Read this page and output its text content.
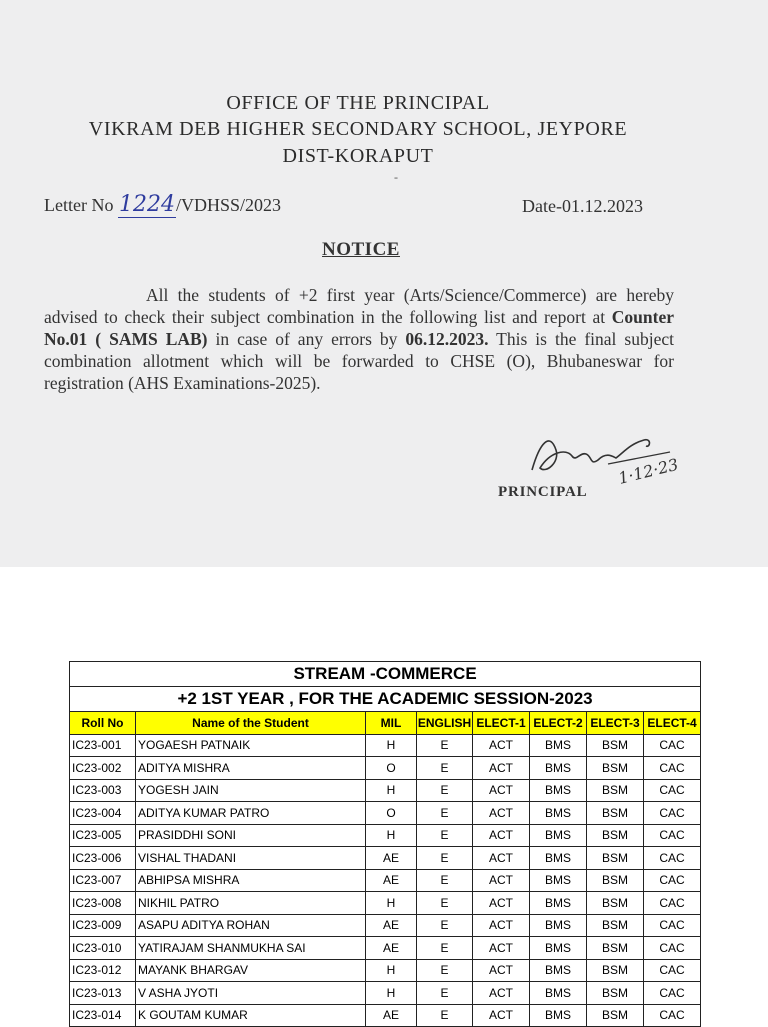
OFFICE OF THE PRINCIPAL
VIKRAM DEB HIGHER SECONDARY SCHOOL, JEYPORE
DIST-KORAPUT
-
Letter No 1224/VDHSS/2023	Date-01.12.2023
NOTICE
All the students of +2 first year (Arts/Science/Commerce) are hereby advised to check their subject combination in the following list and report at Counter No.01 ( SAMS LAB) in case of any errors by 06.12.2023. This is the final subject combination allotment which will be forwarded to CHSE (O), Bhubaneswar for registration (AHS Examinations-2025).
1·12·23
PRINCIPAL
STREAM -COMMERCE							
+2 1ST YEAR , FOR THE ACADEMIC SESSION-2023							
Roll No	Name of the Student	MIL	ENGLISH	ELECT-1	ELECT-2	ELECT-3	ELECT-4
IC23-001	YOGAESH PATNAIK	H	E	ACT	BMS	BSM	CAC
IC23-002	ADITYA MISHRA	O	E	ACT	BMS	BSM	CAC
IC23-003	YOGESH JAIN	H	E	ACT	BMS	BSM	CAC
IC23-004	ADITYA KUMAR PATRO	O	E	ACT	BMS	BSM	CAC
IC23-005	PRASIDDHI SONI	H	E	ACT	BMS	BSM	CAC
IC23-006	VISHAL THADANI	AE	E	ACT	BMS	BSM	CAC
IC23-007	ABHIPSA MISHRA	AE	E	ACT	BMS	BSM	CAC
IC23-008	NIKHIL PATRO	H	E	ACT	BMS	BSM	CAC
IC23-009	ASAPU ADITYA ROHAN	AE	E	ACT	BMS	BSM	CAC
IC23-010	YATIRAJAM SHANMUKHA SAI	AE	E	ACT	BMS	BSM	CAC
IC23-012	MAYANK BHARGAV	H	E	ACT	BMS	BSM	CAC
IC23-013	V ASHA JYOTI	H	E	ACT	BMS	BSM	CAC
IC23-014	K GOUTAM KUMAR	AE	E	ACT	BMS	BSM	CAC
